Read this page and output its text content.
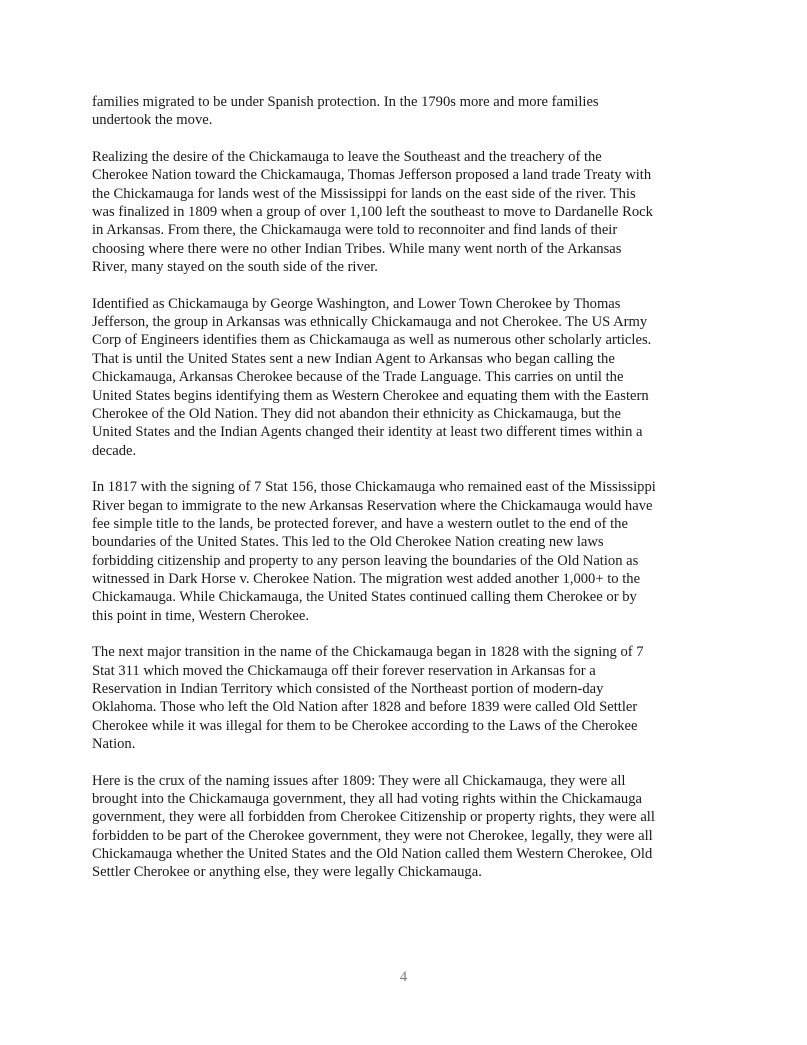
families migrated to be under Spanish protection. In the 1790s more and more families
undertook the move.

Realizing the desire of the Chickamauga to leave the Southeast and the treachery of the
Cherokee Nation toward the Chickamauga, Thomas Jefferson proposed a land trade Treaty with
the Chickamauga for lands west of the Mississippi for lands on the east side of the river. This
was finalized in 1809 when a group of over 1,100 left the southeast to move to Dardanelle Rock
in Arkansas. From there, the Chickamauga were told to reconnoiter and find lands of their
choosing where there were no other Indian Tribes. While many went north of the Arkansas
River, many stayed on the south side of the river.

Identified as Chickamauga by George Washington, and Lower Town Cherokee by Thomas
Jefferson, the group in Arkansas was ethnically Chickamauga and not Cherokee. The US Army
Corp of Engineers identifies them as Chickamauga as well as numerous other scholarly articles.
That is until the United States sent a new Indian Agent to Arkansas who began calling the
Chickamauga, Arkansas Cherokee because of the Trade Language. This carries on until the
United States begins identifying them as Western Cherokee and equating them with the Eastern
Cherokee of the Old Nation. They did not abandon their ethnicity as Chickamauga, but the
United States and the Indian Agents changed their identity at least two different times within a
decade.

In 1817 with the signing of 7 Stat 156, those Chickamauga who remained east of the Mississippi
River began to immigrate to the new Arkansas Reservation where the Chickamauga would have
fee simple title to the lands, be protected forever, and have a western outlet to the end of the
boundaries of the United States. This led to the Old Cherokee Nation creating new laws
forbidding citizenship and property to any person leaving the boundaries of the Old Nation as
witnessed in Dark Horse v. Cherokee Nation. The migration west added another 1,000+ to the
Chickamauga. While Chickamauga, the United States continued calling them Cherokee or by
this point in time, Western Cherokee.

The next major transition in the name of the Chickamauga began in 1828 with the signing of 7
Stat 311 which moved the Chickamauga off their forever reservation in Arkansas for a
Reservation in Indian Territory which consisted of the Northeast portion of modern-day
Oklahoma. Those who left the Old Nation after 1828 and before 1839 were called Old Settler
Cherokee while it was illegal for them to be Cherokee according to the Laws of the Cherokee
Nation.

Here is the crux of the naming issues after 1809: They were all Chickamauga, they were all
brought into the Chickamauga government, they all had voting rights within the Chickamauga
government, they were all forbidden from Cherokee Citizenship or property rights, they were all
forbidden to be part of the Cherokee government, they were not Cherokee, legally, they were all
Chickamauga whether the United States and the Old Nation called them Western Cherokee, Old
Settler Cherokee or anything else, they were legally Chickamauga.

4
